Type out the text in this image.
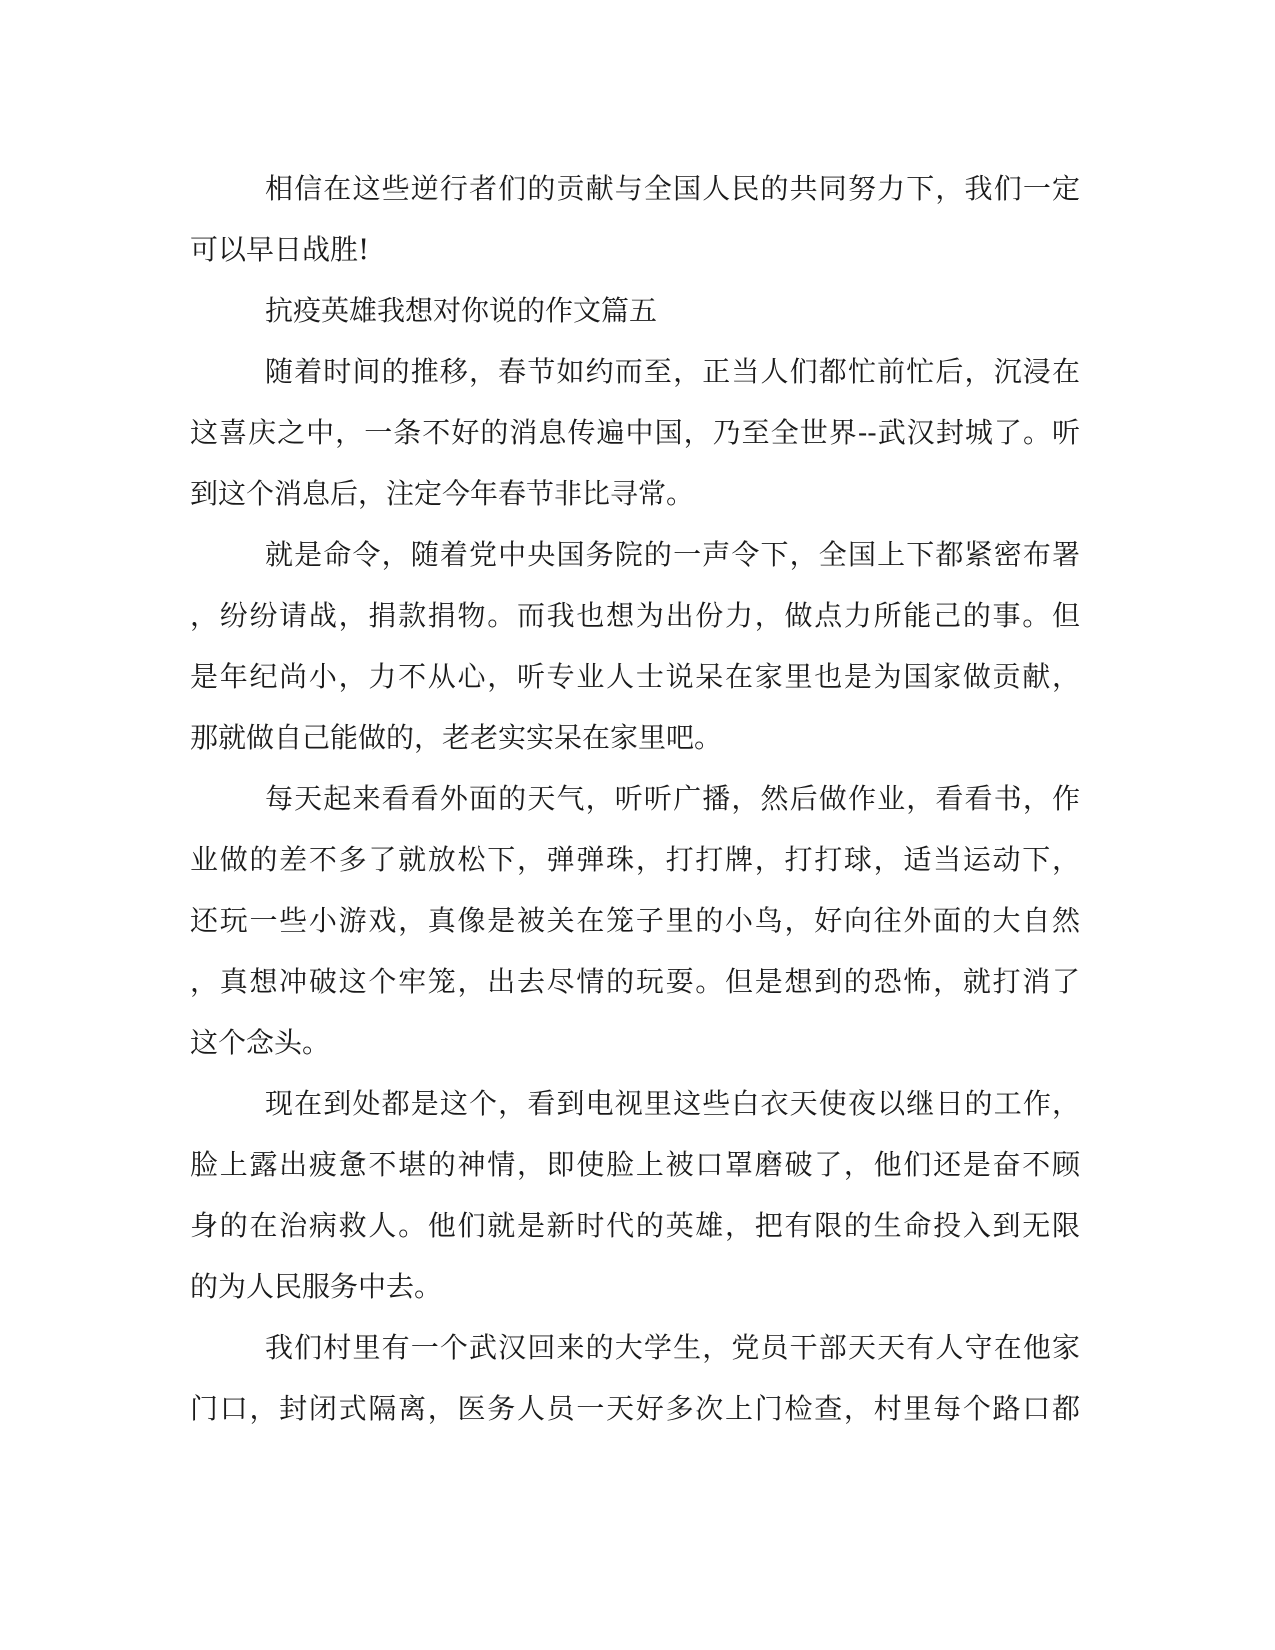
相信在这些逆行者们的贡献与全国人民的共同努力下，我们一定
可以早日战胜!
抗疫英雄我想对你说的作文篇五
随着时间的推移，春节如约而至，正当人们都忙前忙后，沉浸在
这喜庆之中，一条不好的消息传遍中国，乃至全世界--武汉封城了。听
到这个消息后，注定今年春节非比寻常。
就是命令，随着党中央国务院的一声令下，全国上下都紧密布署
，纷纷请战，捐款捐物。而我也想为出份力，做点力所能己的事。但
是年纪尚小，力不从心，听专业人士说呆在家里也是为国家做贡献，
那就做自己能做的，老老实实呆在家里吧。
每天起来看看外面的天气，听听广播，然后做作业，看看书，作
业做的差不多了就放松下，弹弹珠，打打牌，打打球，适当运动下，
还玩一些小游戏，真像是被关在笼子里的小鸟，好向往外面的大自然
，真想冲破这个牢笼，出去尽情的玩耍。但是想到的恐怖，就打消了
这个念头。
现在到处都是这个，看到电视里这些白衣天使夜以继日的工作，
脸上露出疲惫不堪的神情，即使脸上被口罩磨破了，他们还是奋不顾
身的在治病救人。他们就是新时代的英雄，把有限的生命投入到无限
的为人民服务中去。
我们村里有一个武汉回来的大学生，党员干部天天有人守在他家
门口，封闭式隔离，医务人员一天好多次上门检查，村里每个路口都
